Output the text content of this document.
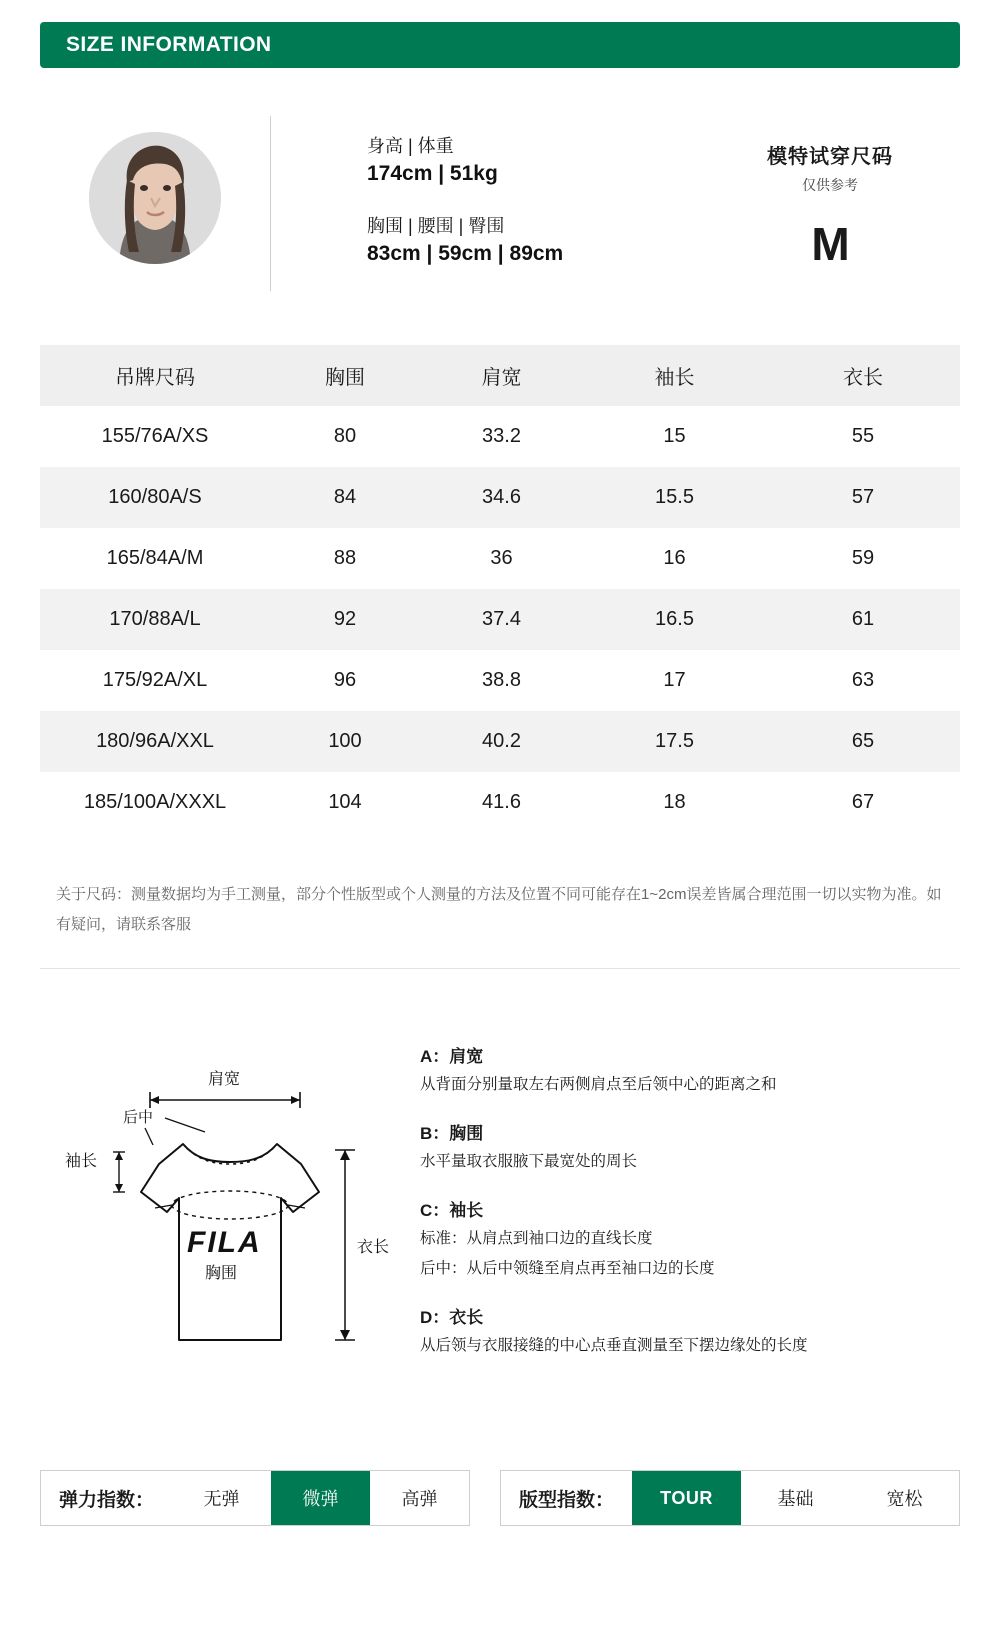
SIZE INFORMATION
身高 | 体重
174cm | 51kg
胸围 | 腰围 | 臀围
83cm | 59cm | 89cm
模特试穿尺码
仅供参考
M
吊牌尺码	胸围	肩宽	袖长	衣长
155/76A/XS	80	33.2	15	55
160/80A/S	84	34.6	15.5	57
165/84A/M	88	36	16	59
170/88A/L	92	37.4	16.5	61
175/92A/XL	96	38.8	17	63
180/96A/XXL	100	40.2	17.5	65
185/100A/XXXL	104	41.6	18	67
关于尺码：测量数据均为手工测量，部分个性版型或个人测量的方法及位置不同可能存在1~2cm误差皆属合理范围一切以实物为准。如有疑问，请联系客服
肩宽
后中
袖长
FILA
胸围
衣长
A：肩宽
从背面分别量取左右两侧肩点至后领中心的距离之和
B：胸围
水平量取衣服腋下最宽处的周长
C：袖长
标准：从肩点到袖口边的直线长度
后中：从后中领缝至肩点再至袖口边的长度
D：衣长
从后领与衣服接缝的中心点垂直测量至下摆边缘处的长度
弹力指数：	无弹	微弹	高弹	版型指数：	TOUR	基础	宽松
